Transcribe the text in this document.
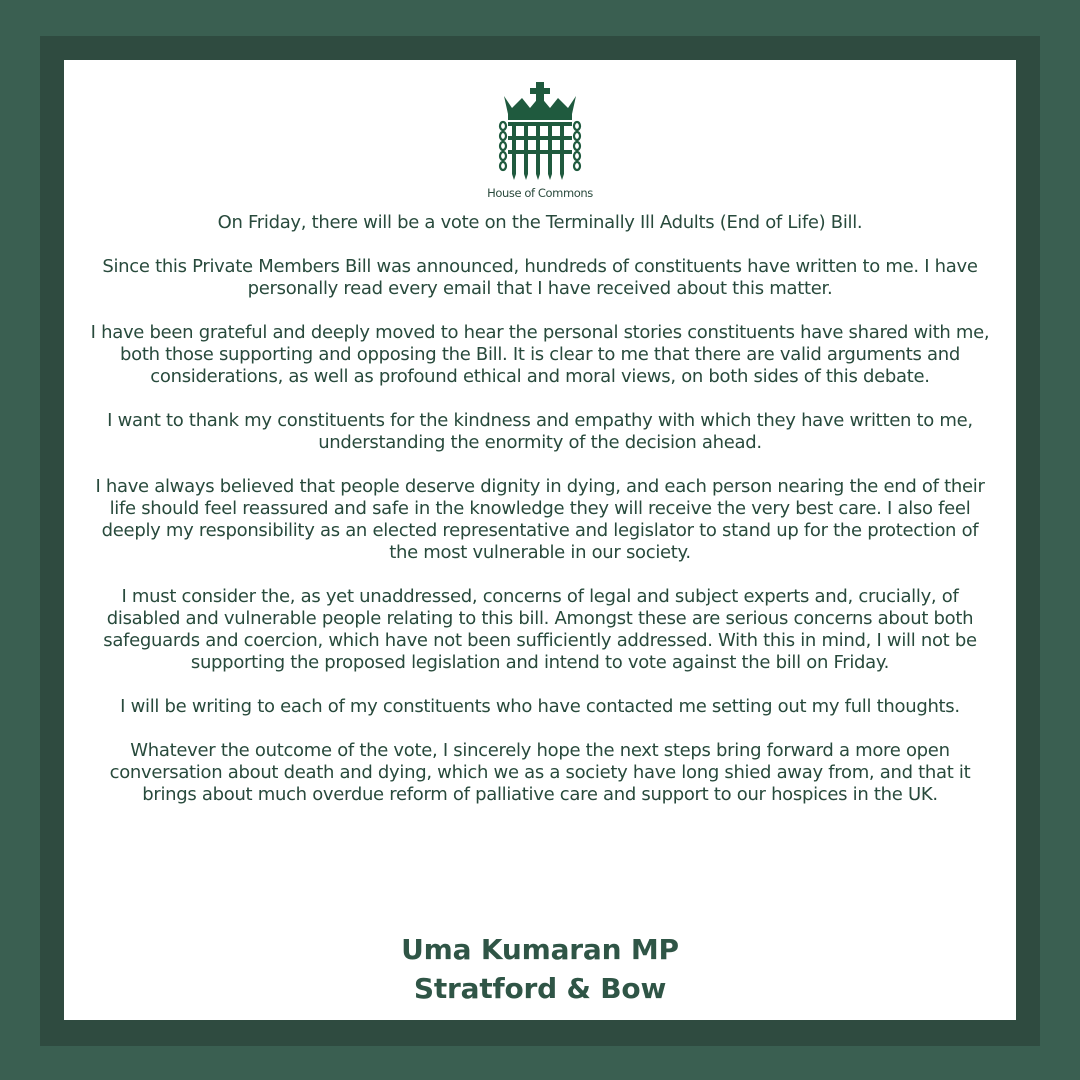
House of Commons

On Friday, there will be a vote on the Terminally Ill Adults (End of Life) Bill.

Since this Private Members Bill was announced, hundreds of constituents have written to me. I have personally read every email that I have received about this matter.

I have been grateful and deeply moved to hear the personal stories constituents have shared with me, both those supporting and opposing the Bill. It is clear to me that there are valid arguments and considerations, as well as profound ethical and moral views, on both sides of this debate.

I want to thank my constituents for the kindness and empathy with which they have written to me, understanding the enormity of the decision ahead.

I have always believed that people deserve dignity in dying, and each person nearing the end of their life should feel reassured and safe in the knowledge they will receive the very best care. I also feel deeply my responsibility as an elected representative and legislator to stand up for the protection of the most vulnerable in our society.

I must consider the, as yet unaddressed, concerns of legal and subject experts and, crucially, of disabled and vulnerable people relating to this bill. Amongst these are serious concerns about both safeguards and coercion, which have not been sufficiently addressed. With this in mind, I will not be supporting the proposed legislation and intend to vote against the bill on Friday.

I will be writing to each of my constituents who have contacted me setting out my full thoughts.

Whatever the outcome of the vote, I sincerely hope the next steps bring forward a more open conversation about death and dying, which we as a society have long shied away from, and that it brings about much overdue reform of palliative care and support to our hospices in the UK.

Uma Kumaran MP
Stratford & Bow
